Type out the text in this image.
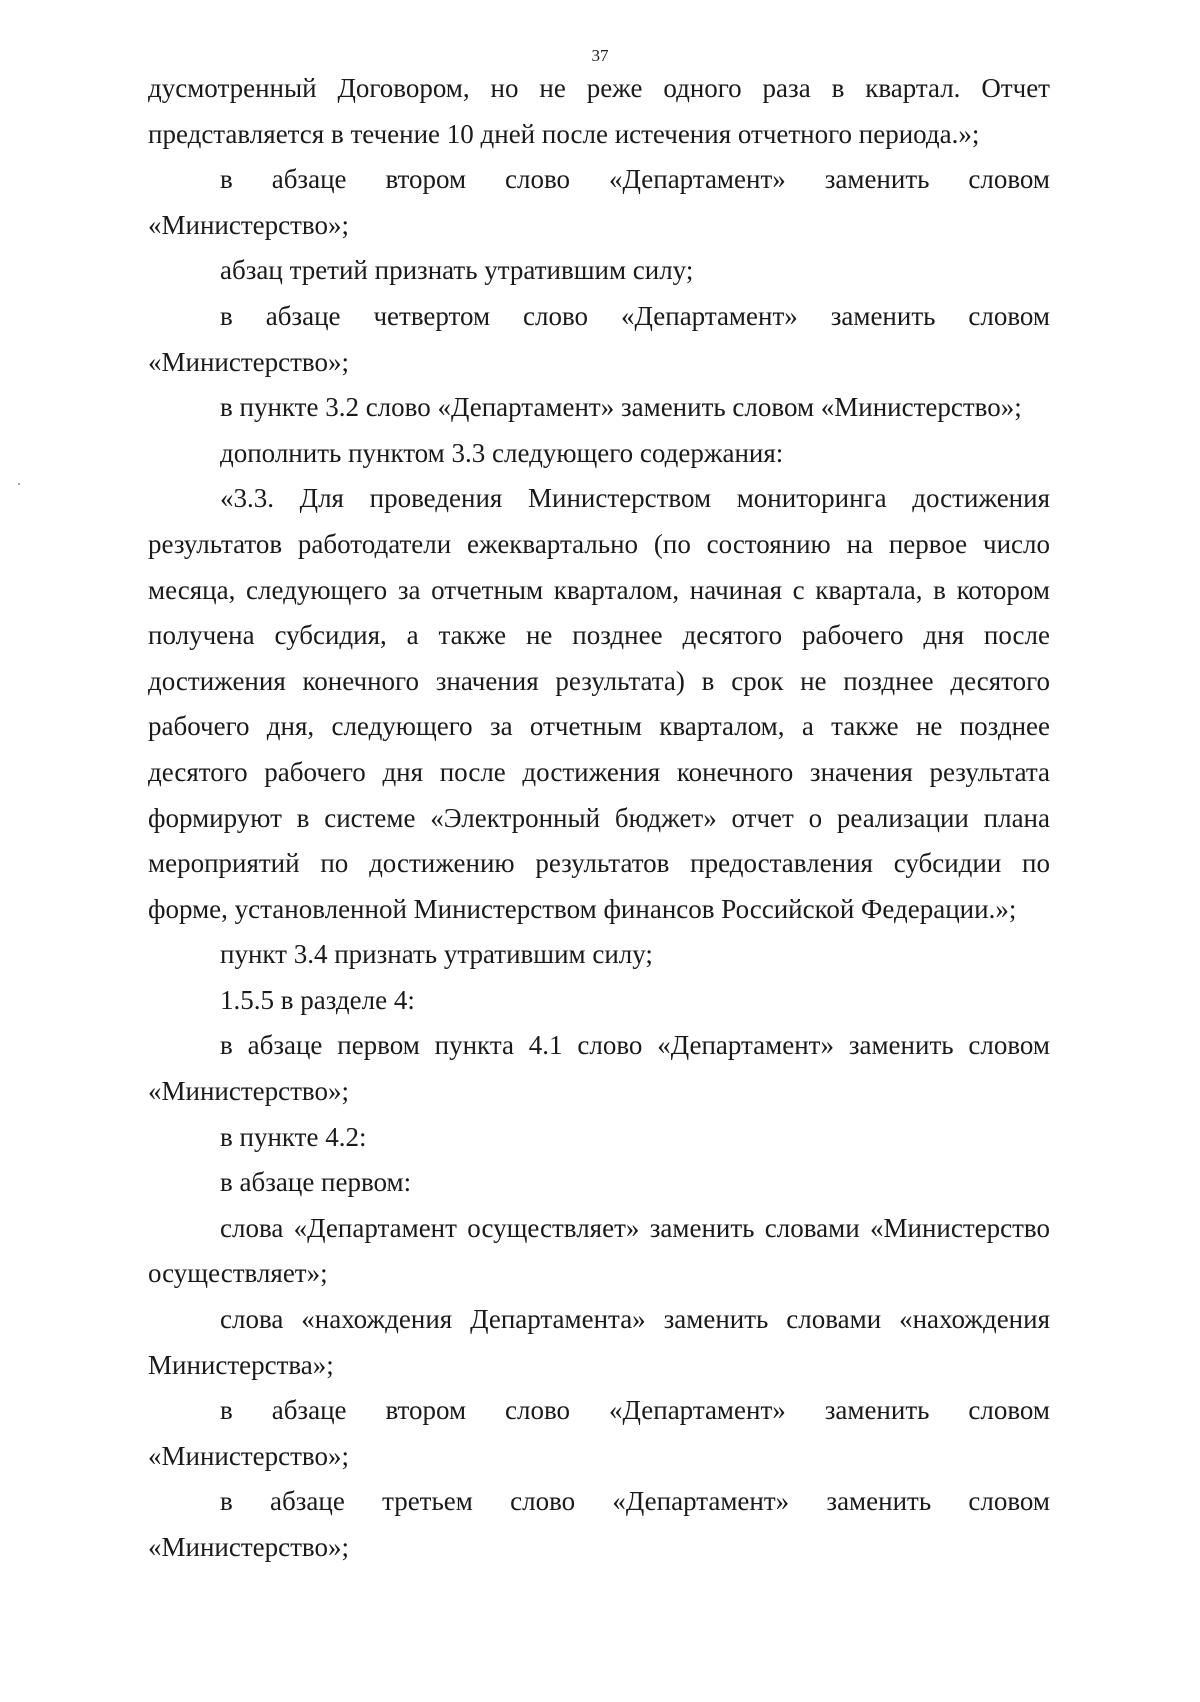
37

дусмотренный Договором, но не реже одного раза в квартал. Отчет представляется в течение 10 дней после истечения отчетного периода.»;

в абзаце втором слово «Департамент» заменить словом «Министерство»;

абзац третий признать утратившим силу;

в абзаце четвертом слово «Департамент» заменить словом «Министерство»;

в пункте 3.2 слово «Департамент» заменить словом «Министерство»;

дополнить пунктом 3.3 следующего содержания:

«3.3. Для проведения Министерством мониторинга достижения результатов работодатели ежеквартально (по состоянию на первое число месяца, следующего за отчетным кварталом, начиная с квартала, в котором получена субсидия, а также не позднее десятого рабочего дня после достижения конечного значения результата) в срок не позднее десятого рабочего дня, следующего за отчетным кварталом, а также не позднее десятого рабочего дня после достижения конечного значения результата формируют в системе «Электронный бюджет» отчет о реализации плана мероприятий по достижению результатов предоставления субсидии по форме, установленной Министерством финансов Российской Федерации.»;

пункт 3.4 признать утратившим силу;

1.5.5 в разделе 4:

в абзаце первом пункта 4.1 слово «Департамент» заменить словом «Министерство»;

в пункте 4.2:

в абзаце первом:

слова «Департамент осуществляет» заменить словами «Министерство осуществляет»;

слова «нахождения Департамента» заменить словами «нахождения Министерства»;

в абзаце втором слово «Департамент» заменить словом «Министерство»;

в абзаце третьем слово «Департамент» заменить словом «Министерство»;
